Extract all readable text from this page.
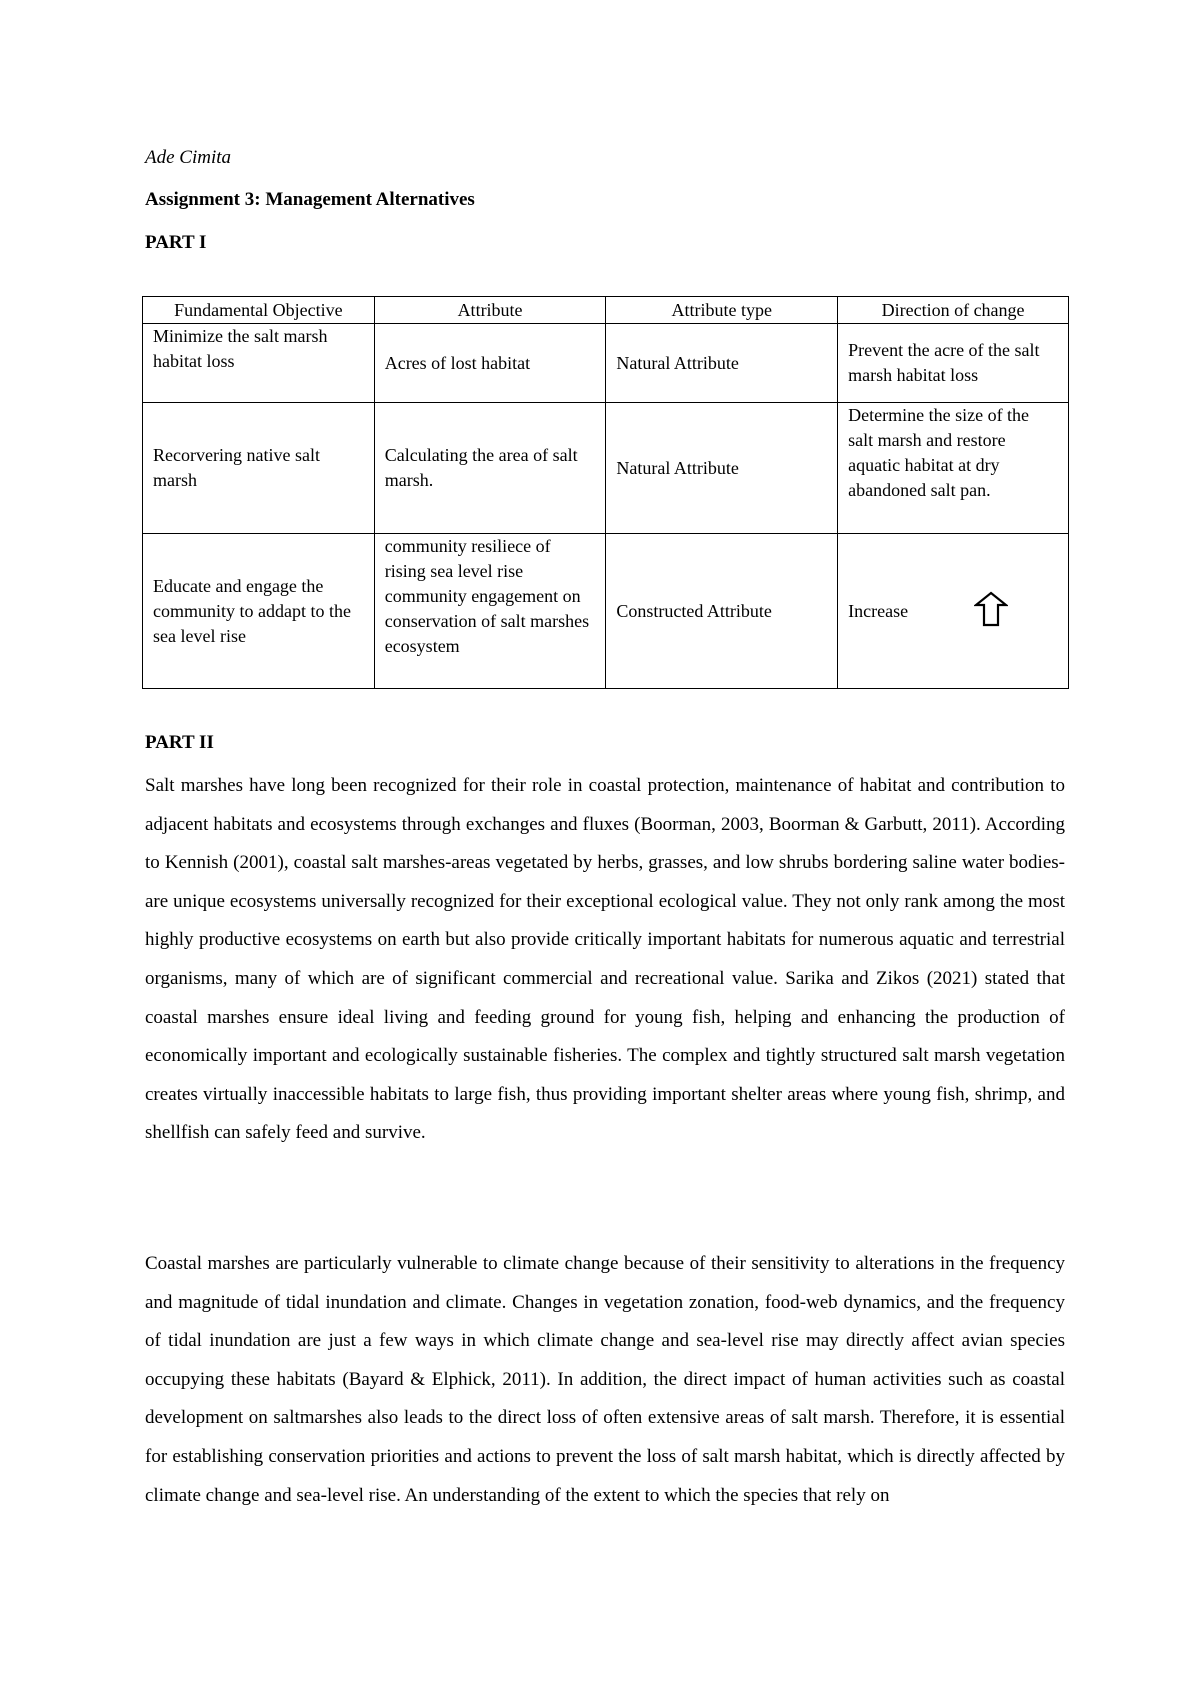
Ade Cimita
Assignment 3: Management Alternatives
PART I
Fundamental Objective	Attribute	Attribute type	Direction of change
Minimize the salt marsh habitat loss	Acres of lost habitat	Natural Attribute	Prevent the acre of the salt marsh habitat loss
Recorvering native salt marsh	Calculating the area of salt marsh.	Natural Attribute	Determine the size of the salt marsh and restore aquatic habitat at dry abandoned salt pan.
Educate and engage the community to addapt to the sea level rise	community resiliece of rising sea level rise community engagement on conservation of salt marshes ecosystem	Constructed Attribute	Increase
PART II

Salt marshes have long been recognized for their role in coastal protection, maintenance of habitat and contribution to adjacent habitats and ecosystems through exchanges and fluxes (Boorman, 2003, Boorman & Garbutt, 2011). According to Kennish (2001), coastal salt marshes-areas vegetated by herbs, grasses, and low shrubs bordering saline water bodies-are unique ecosystems universally recognized for their exceptional ecological value. They not only rank among the most highly productive ecosystems on earth but also provide critically important habitats for numerous aquatic and terrestrial organisms, many of which are of significant commercial and recreational value. Sarika and Zikos (2021) stated that coastal marshes ensure ideal living and feeding ground for young fish, helping and enhancing the production of economically important and ecologically sustainable fisheries. The complex and tightly structured salt marsh vegetation creates virtually inaccessible habitats to large fish, thus providing important shelter areas where young fish, shrimp, and shellfish can safely feed and survive.

Coastal marshes are particularly vulnerable to climate change because of their sensitivity to alterations in the frequency and magnitude of tidal inundation and climate. Changes in vegetation zonation, food-web dynamics, and the frequency of tidal inundation are just a few ways in which climate change and sea-level rise may directly affect avian species occupying these habitats (Bayard & Elphick, 2011). In addition, the direct impact of human activities such as coastal development on saltmarshes also leads to the direct loss of often extensive areas of salt marsh. Therefore, it is essential for establishing conservation priorities and actions to prevent the loss of salt marsh habitat, which is directly affected by climate change and sea-level rise. An understanding of the extent to which the species that rely on
